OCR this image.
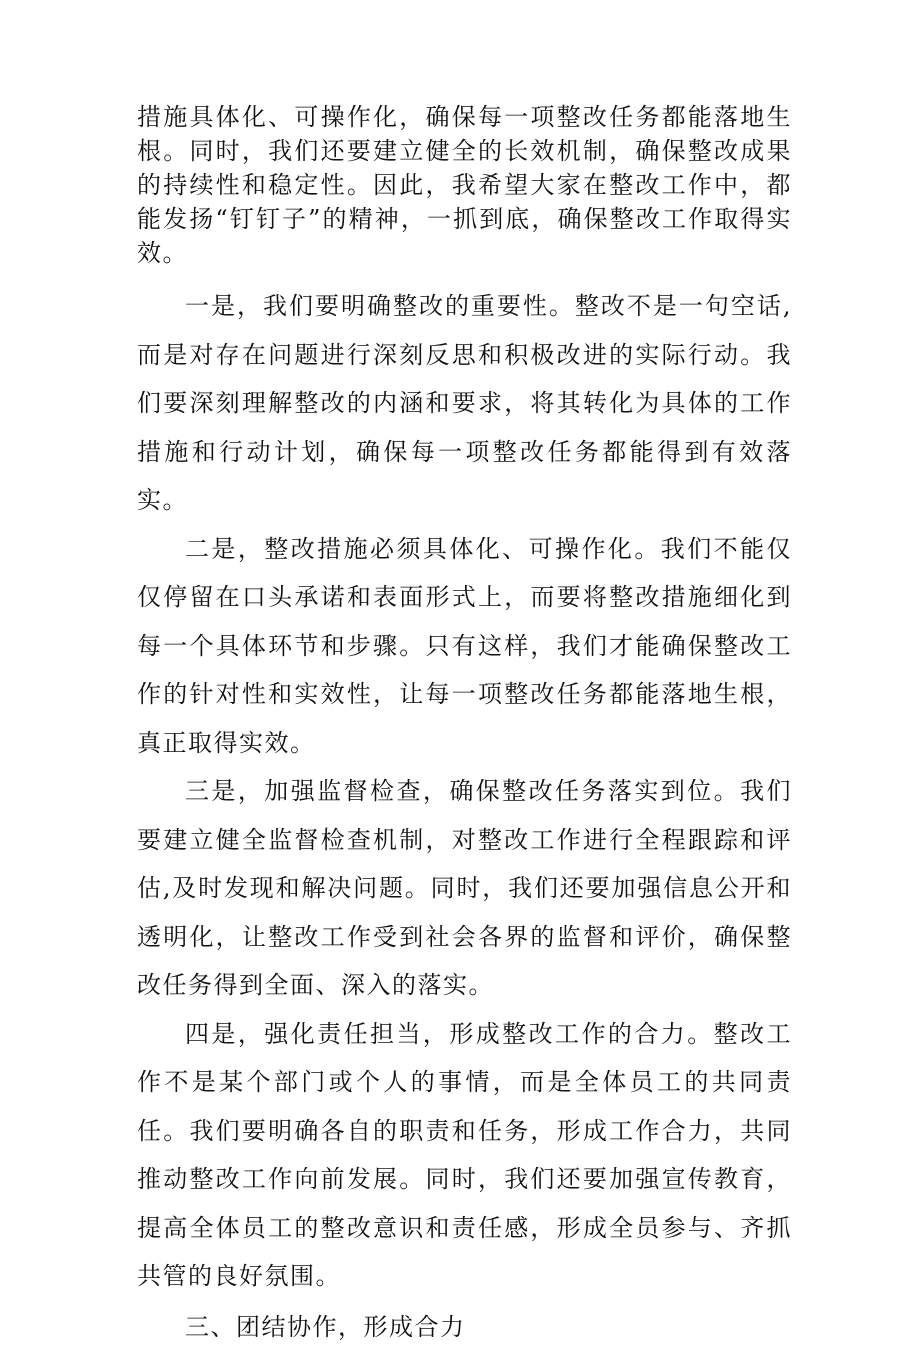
措施具体化、可操作化，确保每一项整改任务都能落地生根。同时，我们还要建立健全的长效机制，确保整改成果的持续性和稳定性。因此，我希望大家在整改工作中，都能发扬“钉钉子”的精神，一抓到底，确保整改工作取得实效。

一是，我们要明确整改的重要性。整改不是一句空话,而是对存在问题进行深刻反思和积极改进的实际行动。我们要深刻理解整改的内涵和要求，将其转化为具体的工作措施和行动计划，确保每一项整改任务都能得到有效落实。

二是，整改措施必须具体化、可操作化。我们不能仅仅停留在口头承诺和表面形式上，而要将整改措施细化到每一个具体环节和步骤。只有这样，我们才能确保整改工作的针对性和实效性，让每一项整改任务都能落地生根，真正取得实效。

三是，加强监督检查，确保整改任务落实到位。我们要建立健全监督检查机制，对整改工作进行全程跟踪和评估,及时发现和解决问题。同时，我们还要加强信息公开和透明化，让整改工作受到社会各界的监督和评价，确保整改任务得到全面、深入的落实。

四是，强化责任担当，形成整改工作的合力。整改工作不是某个部门或个人的事情，而是全体员工的共同责任。我们要明确各自的职责和任务，形成工作合力，共同推动整改工作向前发展。同时，我们还要加强宣传教育，提高全体员工的整改意识和责任感，形成全员参与、齐抓共管的良好氛围。

三、团结协作，形成合力
